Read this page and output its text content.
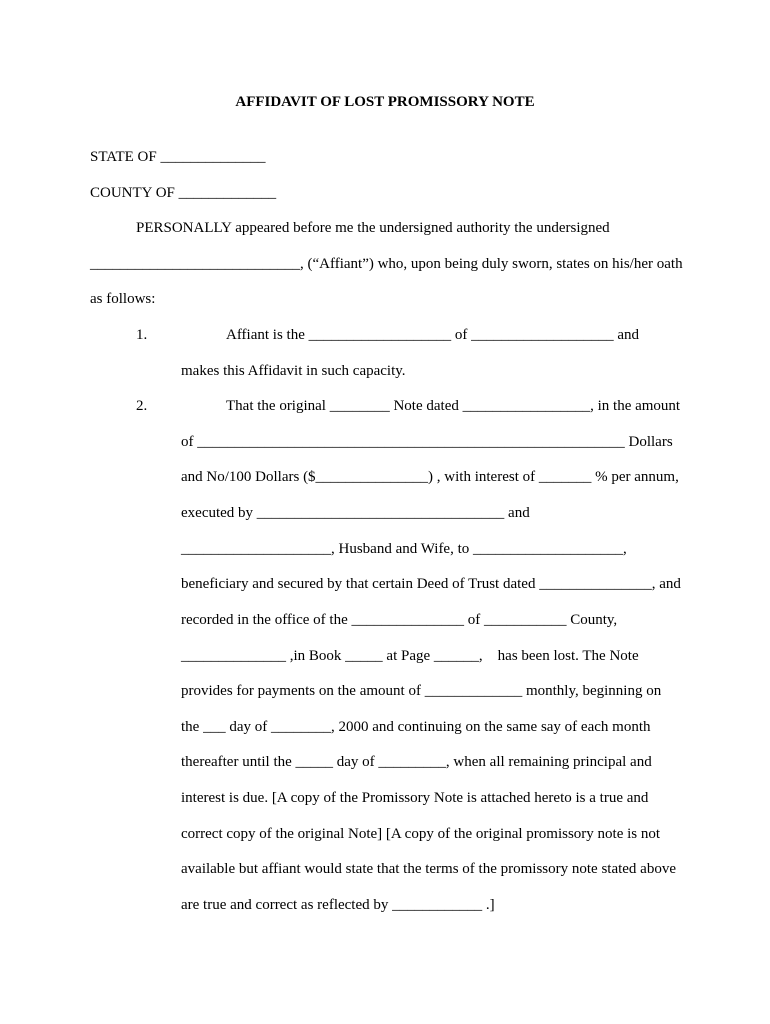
AFFIDAVIT OF LOST PROMISSORY NOTE
STATE OF ______________
COUNTY OF _____________
PERSONALLY appeared before me the undersigned authority the undersigned
____________________________, (“Affiant”) who, upon being duly sworn, states on his/her oath
as follows:
1.	Affiant is the ___________________ of ___________________ and
makes this Affidavit in such capacity.
2.	That the original ________ Note dated _________________, in the amount
of _________________________________________________________ Dollars
and No/100 Dollars ($_______________) , with interest of _______ % per annum,
executed by _________________________________ and
____________________, Husband and Wife, to ____________________,
beneficiary and secured by that certain Deed of Trust dated _______________, and
recorded in the office of the _______________ of ___________ County,
______________ ,in Book _____ at Page ______,    has been lost. The Note
provides for payments on the amount of _____________ monthly, beginning on
the ___ day of ________, 2000 and continuing on the same say of each month
thereafter until the _____ day of _________, when all remaining principal and
interest is due. [A copy of the Promissory Note is attached hereto is a true and
correct copy of the original Note] [A copy of the original promissory note is not
available but affiant would state that the terms of the promissory note stated above
are true and correct as reflected by ____________ .]
